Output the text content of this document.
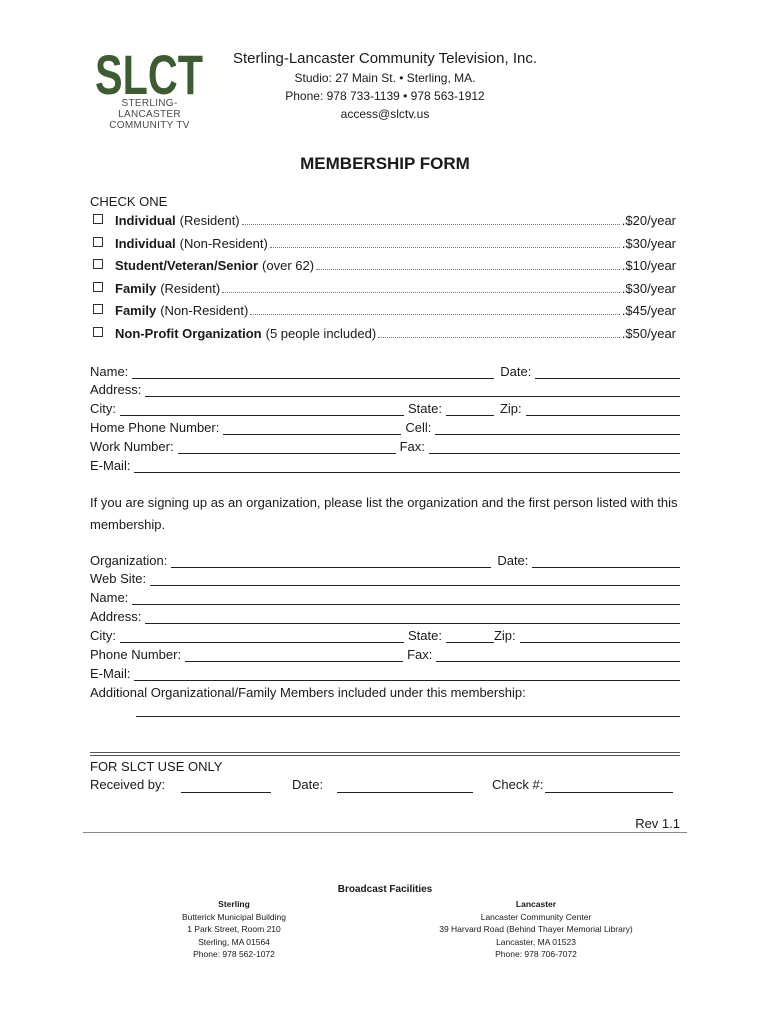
SLCT
STERLING-LANCASTER
COMMUNITY TV
Sterling-Lancaster Community Television, Inc.
Studio: 27 Main St. • Sterling, MA.
Phone: 978 733-1139 • 978 563-1912
access@slctv.us
MEMBERSHIP FORM
CHECK ONE
Individual (Resident)	.$20/year
Individual (Non-Resident)	.$30/year
Student/Veteran/Senior (over 62)	.$10/year
Family (Resident)	.$30/year
Family (Non-Resident)	.$45/year
Non-Profit Organization (5 people included)	.$50/year
Name:	Date:
Address:
City:	State:	Zip:
Home Phone Number:	Cell:
Work Number:	Fax:
E-Mail:
If you are signing up as an organization, please list the organization and the first person listed with this membership.
Organization:	Date:
Web Site:
Name:
Address:
City:	State:	Zip:
Phone Number:	Fax:
E-Mail:
Additional Organizational/Family Members included under this membership:
FOR SLCT USE ONLY
Received by:	Date:	Check #:
Rev 1.1
Broadcast Facilities
Sterling
Butterick Municipal Building
1 Park Street, Room 210
Sterling, MA 01564
Phone: 978 562-1072
Lancaster
Lancaster Community Center
39 Harvard Road (Behind Thayer Memorial Library)
Lancaster, MA 01523
Phone: 978 706-7072
